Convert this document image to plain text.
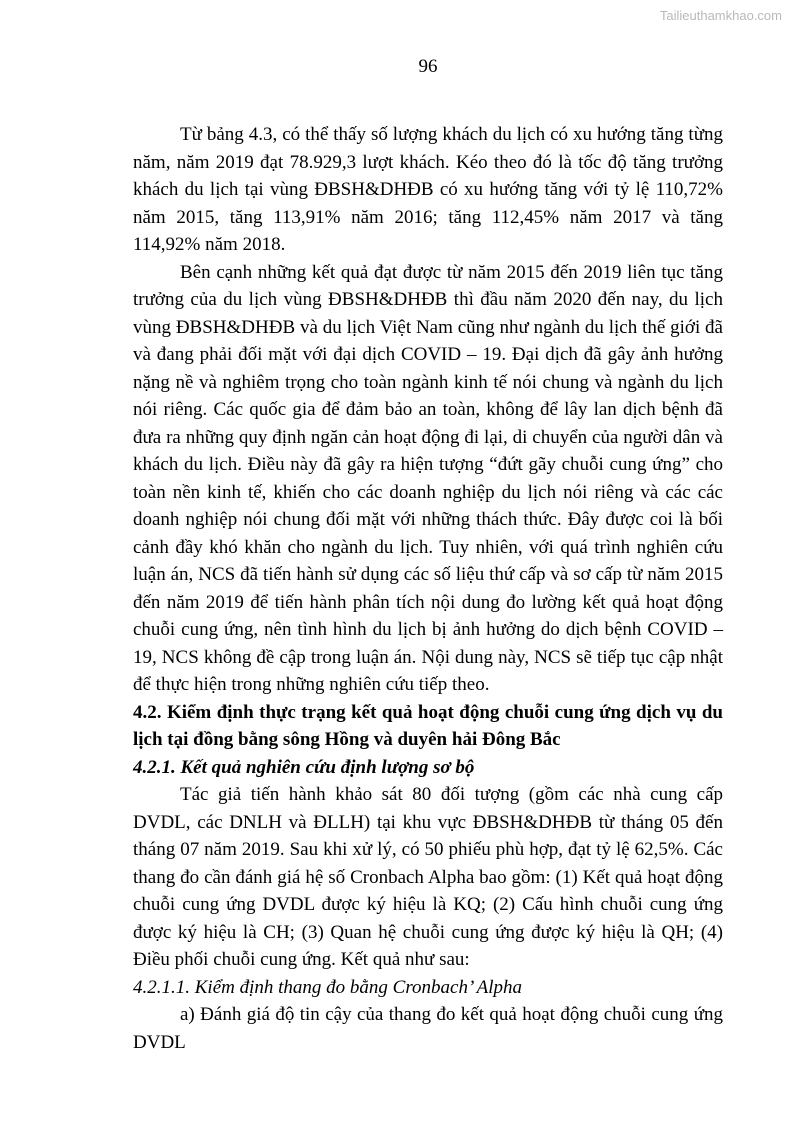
Tailieuthamkhao.com
96

Từ bảng 4.3, có thể thấy số lượng khách du lịch có xu hướng tăng từng năm, năm 2019 đạt 78.929,3 lượt khách. Kéo theo đó là tốc độ tăng trưởng khách du lịch tại vùng ĐBSH&DHĐB có xu hướng tăng với tỷ lệ 110,72% năm 2015, tăng 113,91% năm 2016; tăng 112,45% năm 2017 và tăng 114,92% năm 2018.

Bên cạnh những kết quả đạt được từ năm 2015 đến 2019 liên tục tăng trưởng của du lịch vùng ĐBSH&DHĐB thì đầu năm 2020 đến nay, du lịch vùng ĐBSH&DHĐB và du lịch Việt Nam cũng như ngành du lịch thế giới đã và đang phải đối mặt với đại dịch COVID – 19. Đại dịch đã gây ảnh hưởng nặng nề và nghiêm trọng cho toàn ngành kinh tế nói chung và ngành du lịch nói riêng. Các quốc gia để đảm bảo an toàn, không để lây lan dịch bệnh đã đưa ra những quy định ngăn cản hoạt động đi lại, di chuyển của người dân và khách du lịch. Điều này đã gây ra hiện tượng “đứt gãy chuỗi cung ứng” cho toàn nền kinh tế, khiến cho các doanh nghiệp du lịch nói riêng và các các doanh nghiệp nói chung đối mặt với những thách thức. Đây được coi là bối cảnh đầy khó khăn cho ngành du lịch. Tuy nhiên, với quá trình nghiên cứu luận án, NCS đã tiến hành sử dụng các số liệu thứ cấp và sơ cấp từ năm 2015 đến năm 2019 để tiến hành phân tích nội dung đo lường kết quả hoạt động chuỗi cung ứng, nên tình hình du lịch bị ảnh hưởng do dịch bệnh COVID – 19, NCS không đề cập trong luận án. Nội dung này, NCS sẽ tiếp tục cập nhật để thực hiện trong những nghiên cứu tiếp theo.

4.2. Kiểm định thực trạng kết quả hoạt động chuỗi cung ứng dịch vụ du lịch tại đồng bằng sông Hồng và duyên hải Đông Bắc
4.2.1. Kết quả nghiên cứu định lượng sơ bộ

Tác giả tiến hành khảo sát 80 đối tượng (gồm các nhà cung cấp DVDL, các DNLH và ĐLLH) tại khu vực ĐBSH&DHĐB từ tháng 05 đến tháng 07 năm 2019. Sau khi xử lý, có 50 phiếu phù hợp, đạt tỷ lệ 62,5%. Các thang đo cần đánh giá hệ số Cronbach Alpha bao gồm: (1) Kết quả hoạt động chuỗi cung ứng DVDL được ký hiệu là KQ; (2) Cấu hình chuỗi cung ứng được ký hiệu là CH; (3) Quan hệ chuỗi cung ứng được ký hiệu là QH; (4) Điều phối chuỗi cung ứng. Kết quả như sau:

4.2.1.1. Kiểm định thang đo bằng Cronbach’ Alpha

a) Đánh giá độ tin cậy của thang đo kết quả hoạt động chuỗi cung ứng DVDL
